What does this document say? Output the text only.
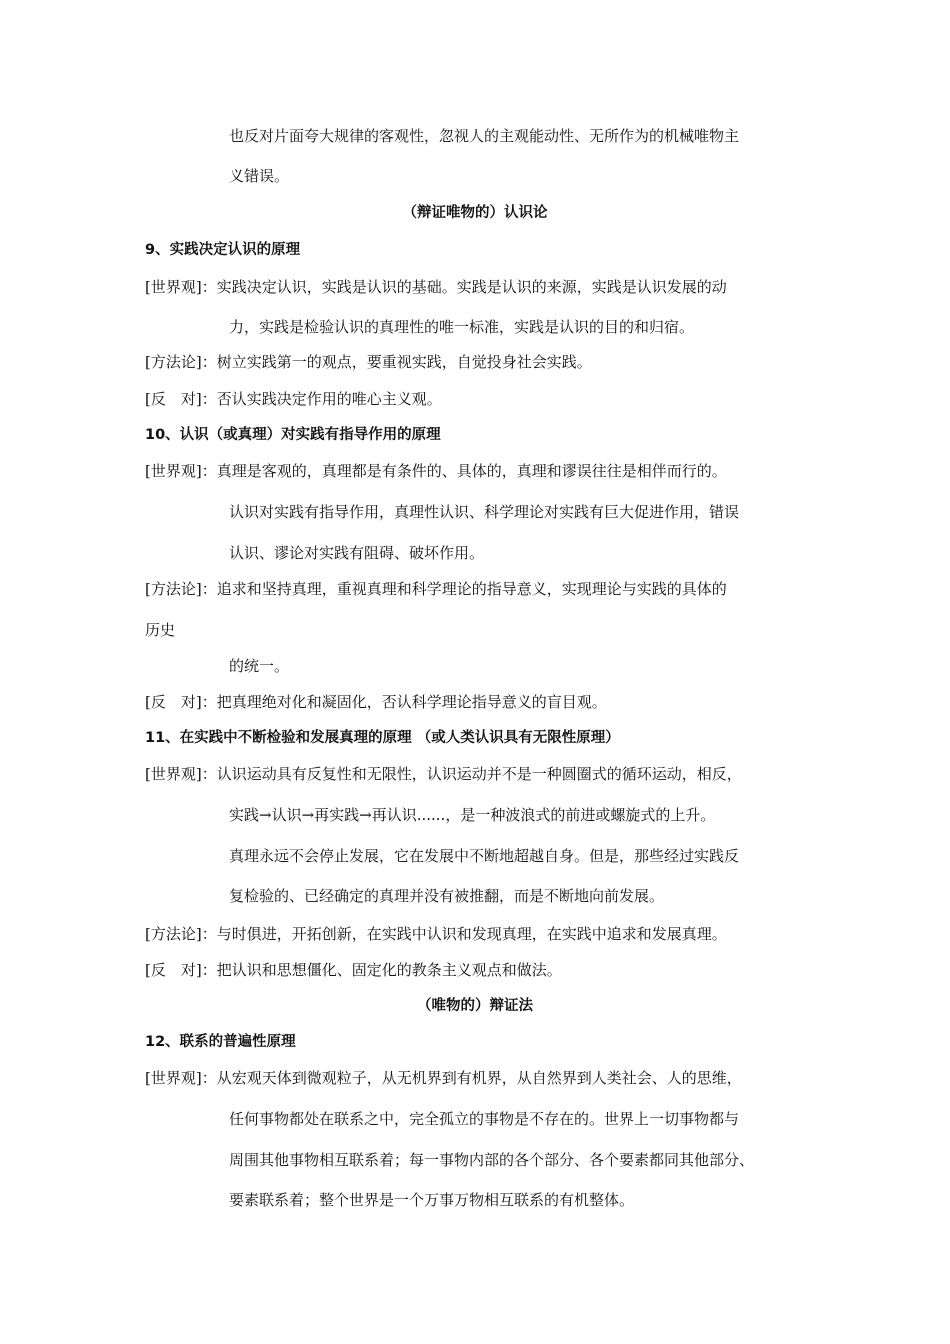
也反对片面夸大规律的客观性，忽视人的主观能动性、无所作为的机械唯物主
义错误。
（辩证唯物的）认识论
9、实践决定认识的原理
[世界观]：实践决定认识，实践是认识的基础。实践是认识的来源，实践是认识发展的动
力，实践是检验认识的真理性的唯一标准，实践是认识的目的和归宿。
[方法论]：树立实践第一的观点，要重视实践，自觉投身社会实践。
[反　对]：否认实践决定作用的唯心主义观。
10、认识（或真理）对实践有指导作用的原理
[世界观]：真理是客观的，真理都是有条件的、具体的，真理和谬误往往是相伴而行的。
认识对实践有指导作用，真理性认识、科学理论对实践有巨大促进作用，错误
认识、谬论对实践有阻碍、破坏作用。
[方法论]：追求和坚持真理，重视真理和科学理论的指导意义，实现理论与实践的具体的
历史
的统一。
[反　对]：把真理绝对化和凝固化，否认科学理论指导意义的盲目观。
11、在实践中不断检验和发展真理的原理 （或人类认识具有无限性原理）
[世界观]：认识运动具有反复性和无限性，认识运动并不是一种圆圈式的循环运动，相反，
实践→认识→再实践→再认识......，是一种波浪式的前进或螺旋式的上升。
真理永远不会停止发展，它在发展中不断地超越自身。但是，那些经过实践反
复检验的、已经确定的真理并没有被推翻，而是不断地向前发展。
[方法论]：与时俱进，开拓创新，在实践中认识和发现真理，在实践中追求和发展真理。
[反　对]：把认识和思想僵化、固定化的教条主义观点和做法。
（唯物的）辩证法
12、联系的普遍性原理
[世界观]：从宏观天体到微观粒子，从无机界到有机界，从自然界到人类社会、人的思维，
任何事物都处在联系之中，完全孤立的事物是不存在的。世界上一切事物都与
周围其他事物相互联系着；每一事物内部的各个部分、各个要素都同其他部分、
要素联系着；整个世界是一个万事万物相互联系的有机整体。
